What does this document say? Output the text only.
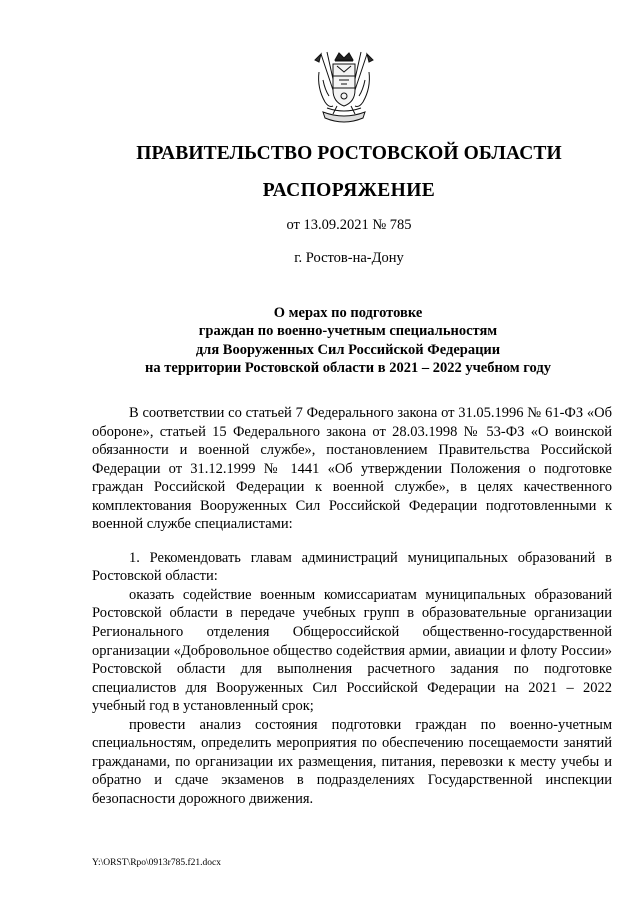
ПРАВИТЕЛЬСТВО РОСТОВСКОЙ ОБЛАСТИ
РАСПОРЯЖЕНИЕ
от 13.09.2021 № 785
г. Ростов-на-Дону
О мерах по подготовке
граждан по военно-учетным специальностям
для Вооруженных Сил Российской Федерации
на территории Ростовской области в 2021 – 2022 учебном году

В соответствии со статьей 7 Федерального закона от 31.05.1996 № 61-ФЗ «Об обороне», статьей 15 Федерального закона от 28.03.1998 № 53-ФЗ «О воинской обязанности и военной службе», постановлением Правительства Российской Федерации от 31.12.1999 № 1441 «Об утверждении Положения о подготовке граждан Российской Федерации к военной службе», в целях качественного комплектования Вооруженных Сил Российской Федерации подготовленными к военной службе специалистами:

1. Рекомендовать главам администраций муниципальных образований в Ростовской области:

оказать содействие военным комиссариатам муниципальных образований Ростовской области в передаче учебных групп в образовательные организации Регионального отделения Общероссийской общественно-государственной организации «Добровольное общество содействия армии, авиации и флоту России» Ростовской области для выполнения расчетного задания по подготовке специалистов для Вооруженных Сил Российской Федерации на 2021 – 2022 учебный год в установленный срок;

провести анализ состояния подготовки граждан по военно-учетным специальностям, определить мероприятия по обеспечению посещаемости занятий гражданами, по организации их размещения, питания, перевозки к месту учебы и обратно и сдаче экзаменов в подразделениях Государственной инспекции безопасности дорожного движения.

Y:\ORST\Rpo\0913r785.f21.docx
